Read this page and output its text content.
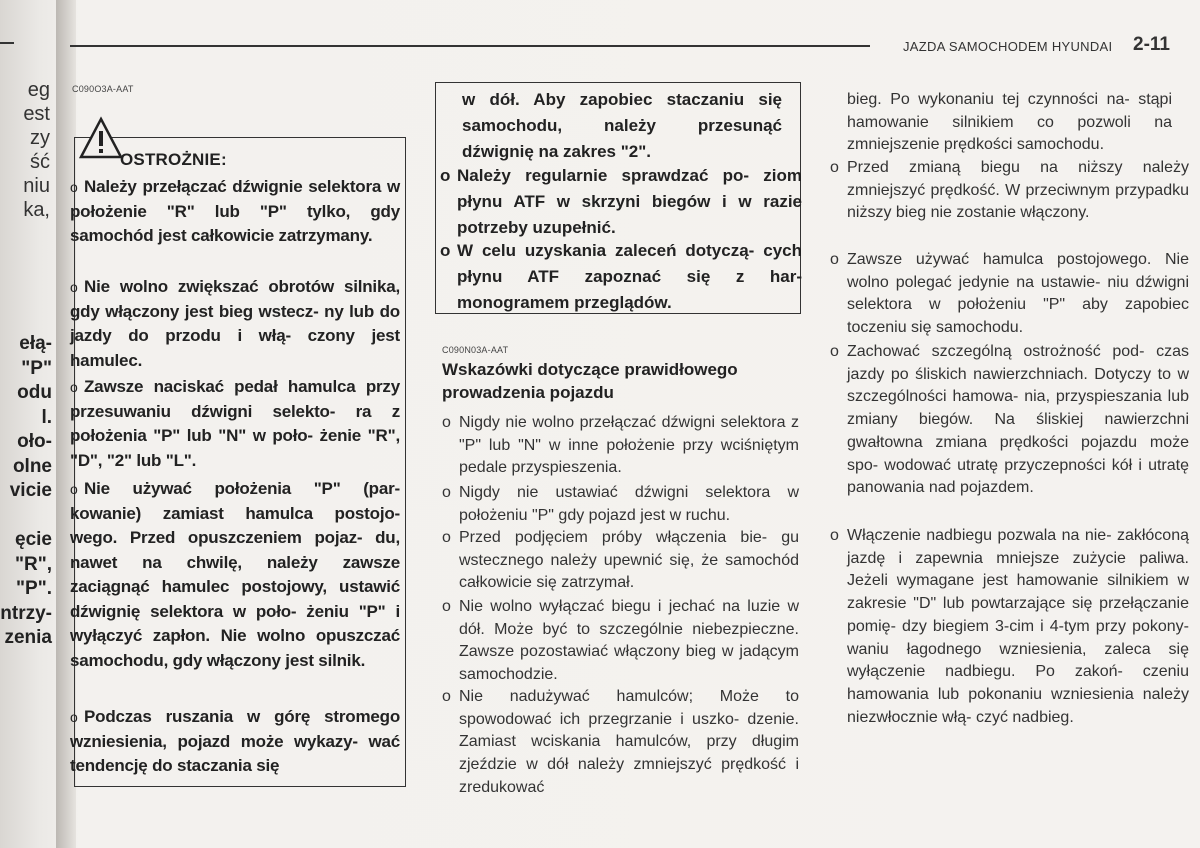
eg
est
zy
ść
niu
ka,
ełą-
"P"
odu
l.
oło-
olne
vicie

ęcie
"R",
"P".
ntrzy-
zenia
JAZDA SAMOCHODEM HYUNDAI 2-11
C090O3A-AAT
OSTROŻNIE:
o Należy przełączać dźwignie selektora w położenie "R" lub "P" tylko, gdy samochód jest całkowicie zatrzymany.
o Nie wolno zwiększać obrotów silnika, gdy włączony jest bieg wstecz- ny lub do jazdy do przodu i włą- czony jest hamulec.
o Zawsze naciskać pedał hamulca przy przesuwaniu dźwigni selekto- ra z położenia "P" lub "N" w poło- żenie "R", "D", "2" lub "L".
o Nie używać położenia "P" (par- kowanie) zamiast hamulca postojo- wego. Przed opuszczeniem pojaz- du, nawet na chwilę, należy zawsze zaciągnąć hamulec postojowy, ustawić dźwignię selektora w poło- żeniu "P" i wyłączyć zapłon. Nie wolno opuszczać samochodu, gdy włączony jest silnik.
o Podczas ruszania w górę stromego wzniesienia, pojazd może wykazy- wać tendencję do staczania się
w dół. Aby zapobiec staczaniu się samochodu, należy przesunąć dźwignię na zakres "2".
o Należy regularnie sprawdzać po- ziom płynu ATF w skrzyni biegów i w razie potrzeby uzupełnić.
o W celu uzyskania zaleceń dotyczą- cych płynu ATF zapoznać się z har- monogramem przeglądów.
C090N03A-AAT
Wskazówki dotyczące prawidłowego prowadzenia pojazdu
o Nigdy nie wolno przełączać dźwigni selektora z "P" lub "N" w inne położenie przy wciśniętym pedale przyspieszenia.
o Nigdy nie ustawiać dźwigni selektora w położeniu "P" gdy pojazd jest w ruchu.
o Przed podjęciem próby włączenia bie- gu wstecznego należy upewnić się, że samochód całkowicie się zatrzymał.
o Nie wolno wyłączać biegu i jechać na luzie w dół. Może być to szczególnie niebezpieczne. Zawsze pozostawiać włączony bieg w jadącym samochodzie.
o Nie nadużywać hamulców; Może to spowodować ich przegrzanie i uszko- dzenie. Zamiast wciskania hamulców, przy długim zjeździe w dół należy zmniejszyć prędkość i zredukować
bieg. Po wykonaniu tej czynności na- stąpi hamowanie silnikiem co pozwoli na zmniejszenie prędkości samochodu.
o Przed zmianą biegu na niższy należy zmniejszyć prędkość. W przeciwnym przypadku niższy bieg nie zostanie włączony.
o Zawsze używać hamulca postojowego. Nie wolno polegać jedynie na ustawie- niu dźwigni selektora w położeniu "P" aby zapobiec toczeniu się samochodu.
o Zachować szczególną ostrożność pod- czas jazdy po śliskich nawierzchniach. Dotyczy to w szczególności hamowa- nia, przyspieszania lub zmiany biegów. Na śliskiej nawierzchni gwałtowna zmiana prędkości pojazdu może spo- wodować utratę przyczepności kół i utratę panowania nad pojazdem.
o Włączenie nadbiegu pozwala na nie- zakłóconą jazdę i zapewnia mniejsze zużycie paliwa. Jeżeli wymagane jest hamowanie silnikiem w zakresie "D" lub powtarzające się przełączanie pomię- dzy biegiem 3-cim i 4-tym przy pokony- waniu łagodnego wzniesienia, zaleca się wyłączenie nadbiegu. Po zakoń- czeniu hamowania lub pokonaniu wzniesienia należy niezwłocznie włą- czyć nadbieg.
